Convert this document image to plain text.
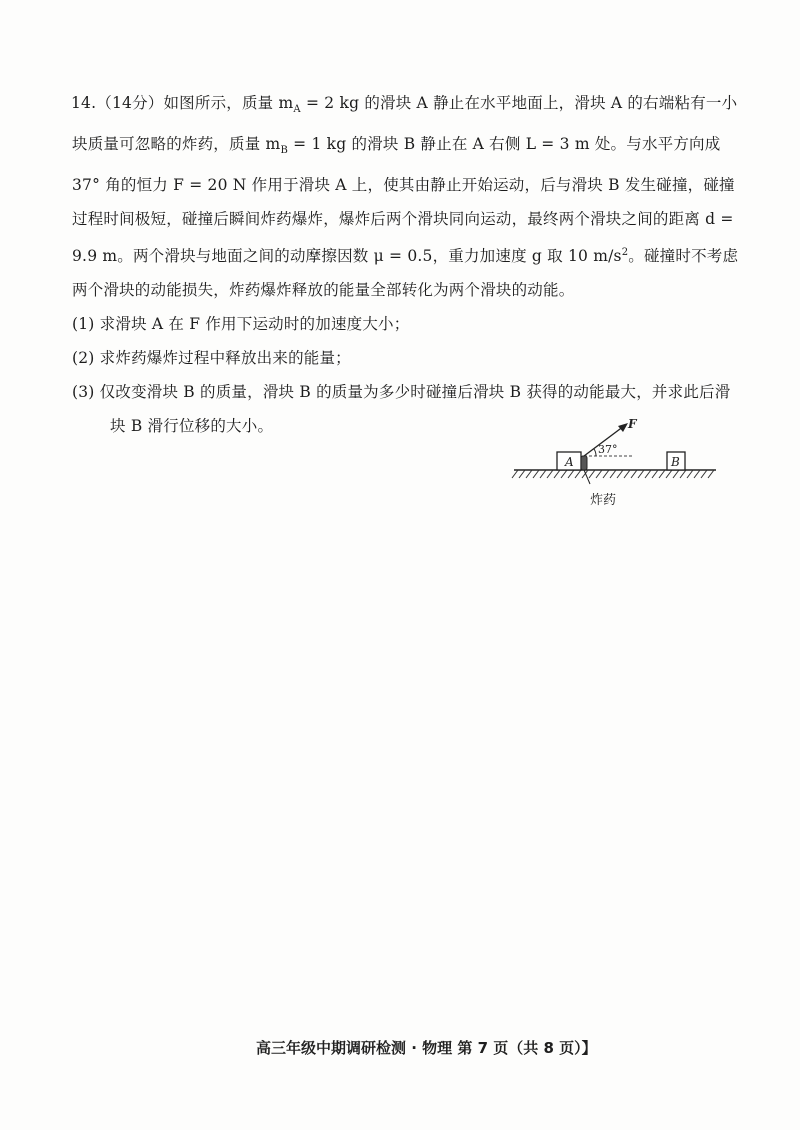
14.（14分）如图所示，质量 $m_A = 2$ kg 的滑块 A 静止在水平地面上，滑块 A 的右端粘有一小块质量可忽略的炸药，质量 $m_B = 1$ kg 的滑块 B 静止在 A 右侧 L = 3 m 处。与水平方向成 37° 角的恒力 F = 20 N 作用于滑块 A 上，使其由静止开始运动，后与滑块 B 发生碰撞，碰撞过程时间极短，碰撞后瞬间炸药爆炸，爆炸后两个滑块同向运动，最终两个滑块之间的距离 d = 9.9 m。两个滑块与地面之间的动摩擦因数 μ = 0.5，重力加速度 g 取 10 $m/s^2$。碰撞时不考虑两个滑块的动能损失，炸药爆炸释放的能量全部转化为两个滑块的动能。

(1) 求滑块 A 在 F 作用下运动时的加速度大小；

(2) 求炸药爆炸过程中释放出来的能量；

(3) 仅改变滑块 B 的质量，滑块 B 的质量为多少时碰撞后滑块 B 获得的动能最大，并求此后滑

块 B 滑行位移的大小。

A	B
F
37°
炸药
高三年级中期调研检测 · 物理 第 7 页（共 8 页）】
